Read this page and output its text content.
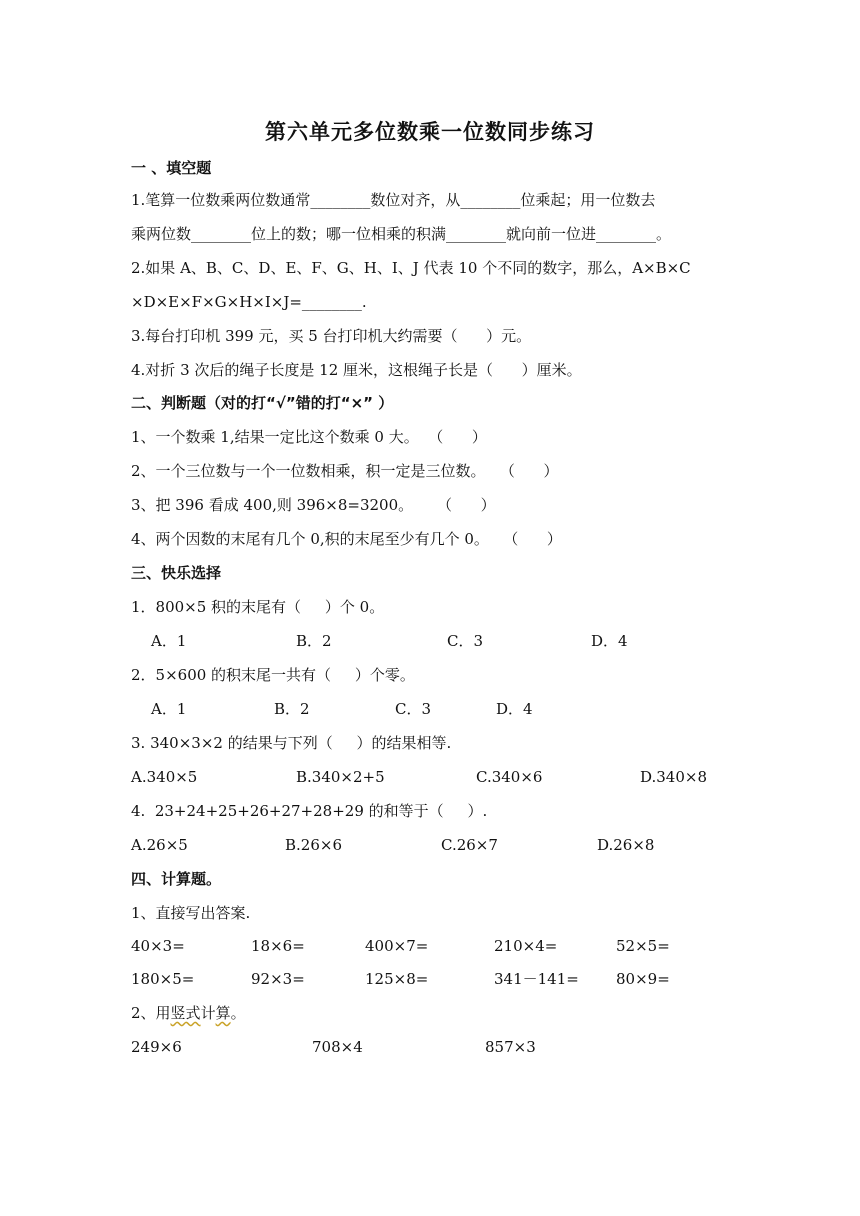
第六单元多位数乘一位数同步练习
一 、填空题
1.笔算一位数乘两位数通常________数位对齐，从________位乘起；用一位数去
乘两位数________位上的数；哪一位相乘的积满________就向前一位进________。
2.如果 A、B、C、D、E、F、G、H、I、J 代表 10 个不同的数字，那么，A×B×C
×D×E×F×G×H×I×J=________.
3.每台打印机 399 元，买 5 台打印机大约需要（      ）元。
4.对折 3 次后的绳子长度是 12 厘米，这根绳子长是（      ）厘米。
二、判断题（对的打“√”错的打“×” ）
1、一个数乘 1,结果一定比这个数乘 0 大。  （      ）
2、一个三位数与一个一位数相乘，积一定是三位数。   （      ）
3、把 396 看成 400,则 396×8=3200。     （      ）
4、两个因数的末尾有几个 0,积的末尾至少有几个 0。   （      ）
三、快乐选择
1．800×5 积的末尾有（     ）个 0。
A．1	B．2	C．3	D．4
2．5×600 的积末尾一共有（     ）个零。
A．1	B．2	C．3	D．4
3. 340×3×2 的结果与下列（     ）的结果相等.
A.340×5	B.340×2+5	C.340×6	D.340×8
4.  23+24+25+26+27+28+29 的和等于（     ）.
A.26×5	B.26×6	C.26×7	D.26×8
四、计算题。
1、直接写出答案.
40×3=	18×6=	400×7=	210×4=	52×5=
180×5=	92×3=	125×8=	341－141= 80×9=
2、用竖式计算。
249×6	708×4	857×3
